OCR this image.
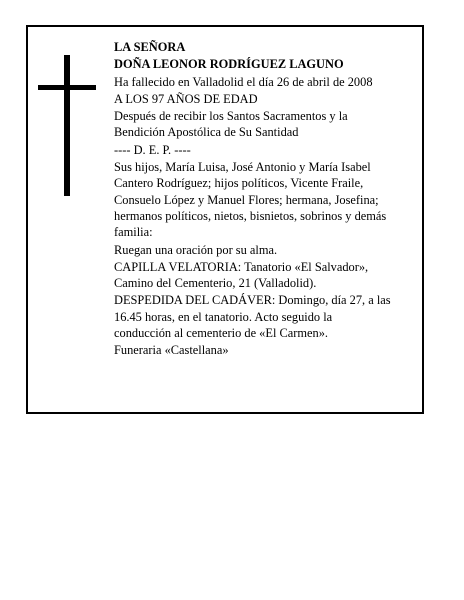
LA SEÑORA

DOÑA LEONOR RODRÍGUEZ LAGUNO

Ha fallecido en Valladolid el día 26 de abril de 2008

A LOS 97 AÑOS DE EDAD

Después de recibir los Santos Sacramentos y la
Bendición Apostólica de Su Santidad

---- D. E. P. ----

Sus hijos, María Luisa, José Antonio y María Isabel
Cantero Rodríguez; hijos políticos, Vicente Fraile,
Consuelo López y Manuel Flores; hermana, Josefina;
hermanos políticos, nietos, bisnietos, sobrinos y demás
familia:

Ruegan una oración por su alma.

CAPILLA VELATORIA: Tanatorio «El Salvador»,
Camino del Cementerio, 21 (Valladolid).

DESPEDIDA DEL CADÁVER: Domingo, día 27, a las
16.45 horas, en el tanatorio. Acto seguido la
conducción al cementerio de «El Carmen».

Funeraria «Castellana»
